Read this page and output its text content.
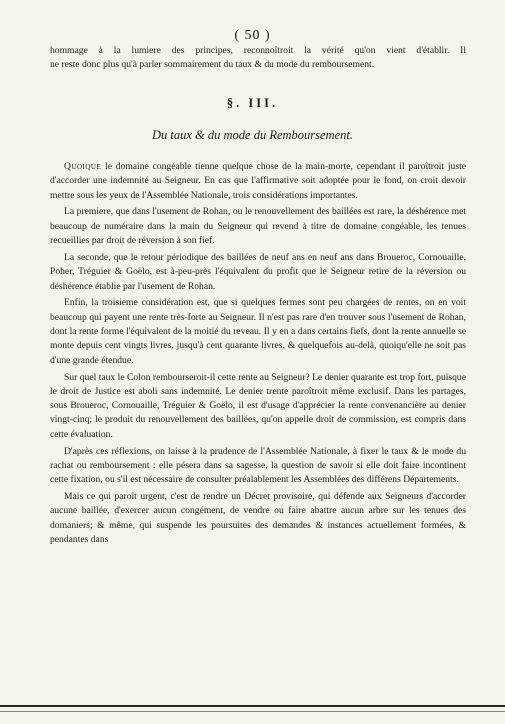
( 50 )
hommage à la lumiere des principes, reconnoîtroit la vérité qu'on vient d'établir. Il
ne reste donc plus qu'à parler sommairement du taux & du mode du remboursement.
§. III.
Du taux & du mode du Remboursement.

Quoique le domaine congéable tienne quelque chose de la main-morte, cependant il paroîtroit juste d'accorder une indemnité au Seigneur. En cas que l'affirmative soit adoptée pour le fond, on croit devoir mettre sous les yeux de l'Assemblée Nationale, trois considérations importantes.

La premiere, que dans l'usement de Rohan, ou le renouvellement des baillées est rare, la déshérence met beaucoup de numéraire dans la main du Seigneur qui revend à titre de domaine congéable, les tenues recueillies par droit de réversion à son fief.

La seconde, que le retour périodique des baillées de neuf ans en neuf ans dans Broueroc, Cornouaille, Poher, Tréguier & Goëlo, est à-peu-près l'équivalent du profit que le Seigneur retire de la réversion ou déshérence établie par l'usement de Rohan.

Enfin, la troisieme considération est, que si quelques fermes sont peu chargées de rentes, on en voit beaucoup qui payent une rente très-forte au Seigneur. Il n'est pas rare d'en trouver sous l'usement de Rohan, dont la rente forme l'équivalent de la moitié du reveau. Il y en a dans certains fiefs, dont la rente annuelle se monte depuis cent vingts livres, jusqu'à cent quarante livres, & quelquefois au-delà, quoiqu'elle ne soit pas d'une grande étendue.

Sur quel taux le Colon rembourseroit-il cette rente au Seigneur? Le denier quarante est trop fort, puisque le droit de Justice est aboli sans indemnité. Le denier trente paroîtroit même exclusif. Dans les partages, sous Broueroc, Cornouaille, Tréguier & Goëlo, il est d'usage d'apprécier la rente convenancière au denier vingt-cinq; le produit du renouvellement des baillées, qu'on appelle droit de commission, est compris dans cette évaluation.

D'après ces réflexions, on laisse à la prudence de l'Assemblée Nationale, à fixer le taux & le mode du rachat ou remboursement : elle pésera dans sa sagesse, la question de savoir si elle doit faire incontinent cette fixation, ou s'il est nécessaire de consulter préalablement les Assemblées des différens Départements.

Mais ce qui paroît urgent, c'est de rendre un Décret provisoire, qui défende aux Seigneurs d'accorder aucune baillée, d'exercer aucun congément, de vendre ou faire abattre aucun arbre sur les tenues des domaniers; & même, qui suspende les poursuites des demandes & instances actuellement formées, & pendantes dans
